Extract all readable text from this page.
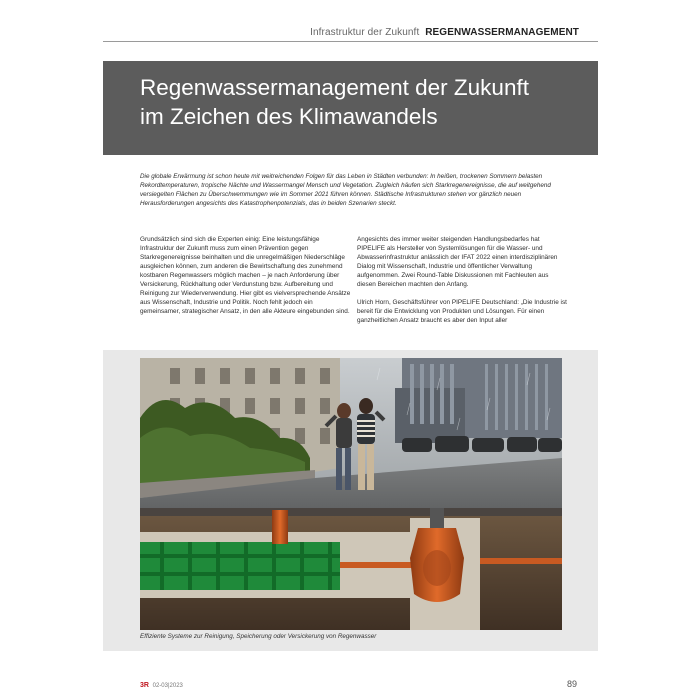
Infrastruktur der Zukunft REGENWASSERMANAGEMENT
Regenwassermanagement der Zukunft
im Zeichen des Klimawandels

Die globale Erwärmung ist schon heute mit weitreichenden Folgen für das Leben in Städten verbunden: In heißen, trockenen Sommern belasten Rekordtemperaturen, tropische Nächte und Wassermangel Mensch und Vegetation. Zugleich häufen sich Starkregenereignisse, die auf weitgehend versiegelten Flächen zu Überschwemmungen wie im Sommer 2021 führen können. Städtische Infrastrukturen stehen vor gänzlich neuen Herausforderungen angesichts des Katastrophenpotenzials, das in beiden Szenarien steckt.

Grundsätzlich sind sich die Experten einig: Eine leistungsfähige Infrastruktur der Zukunft muss zum einen Prävention gegen Starkregenereignisse beinhalten und die unregelmäßigen Niederschläge ausgleichen können, zum anderen die Bewirtschaftung des zunehmend kostbaren Regenwassers möglich machen – je nach Anforderung über Versickerung, Rückhaltung oder Verdunstung bzw. Aufbereitung und Reinigung zur Wiederverwendung. Hier gibt es vielversprechende Ansätze aus Wissenschaft, Industrie und Politik. Noch fehlt jedoch ein gemeinsamer, strategischer Ansatz, in den alle Akteure eingebunden sind.

Angesichts des immer weiter steigenden Handlungsbedarfes hat PIPELIFE als Hersteller von Systemlösungen für die Wasser- und Abwasserinfrastruktur anlässlich der IFAT 2022 einen interdisziplinären Dialog mit Wissenschaft, Industrie und öffentlicher Verwaltung aufgenommen. Zwei Round-Table Diskussionen mit Fachleuten aus diesen Bereichen machten den Anfang.

Ulrich Horn, Geschäftsführer von PIPELIFE Deutschland: „Die Industrie ist bereit für die Entwicklung von Produkten und Lösungen. Für einen ganzheitlichen Ansatz braucht es aber den Input aller

Effiziente Systeme zur Reinigung, Speicherung oder Versickerung von Regenwasser
3R 02-03|2023	89
